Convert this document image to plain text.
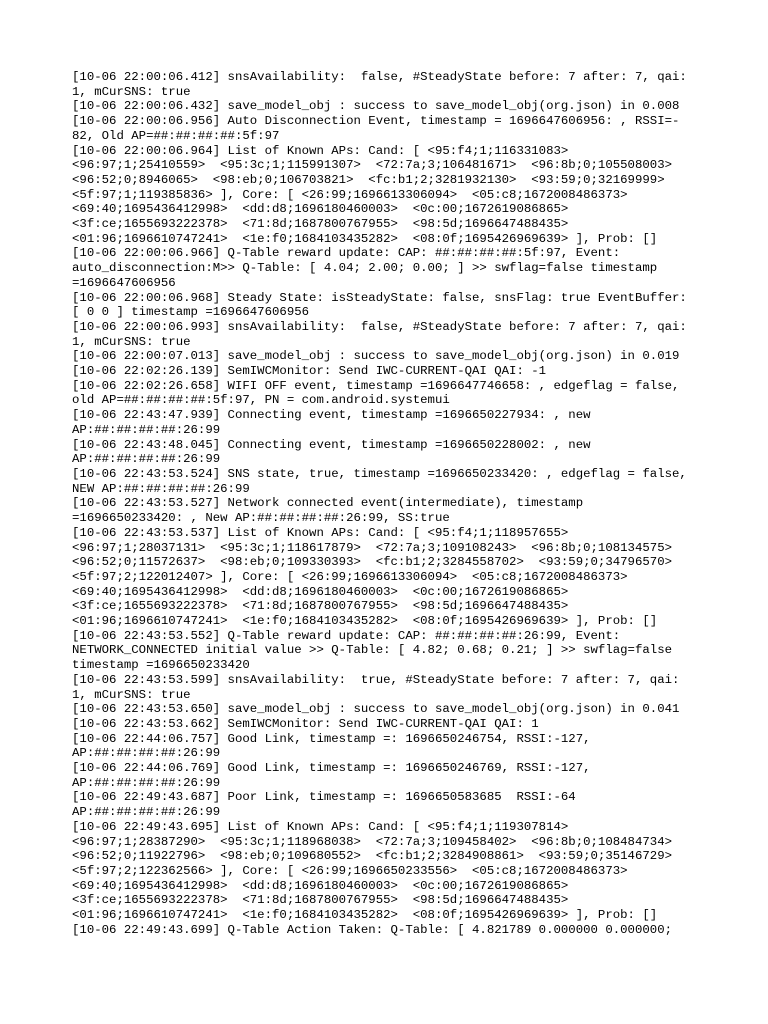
[10-06 22:00:06.412] snsAvailability:  false, #SteadyState before: 7 after: 7, qai:
1, mCurSNS: true
[10-06 22:00:06.432] save_model_obj : success to save_model_obj(org.json) in 0.008
[10-06 22:00:06.956] Auto Disconnection Event, timestamp = 1696647606956: , RSSI=-
82, Old AP=##:##:##:##:5f:97
[10-06 22:00:06.964] List of Known APs: Cand: [ <95:f4;1;116331083>
<96:97;1;25410559>  <95:3c;1;115991307>  <72:7a;3;106481671>  <96:8b;0;105508003>
<96:52;0;8946065>  <98:eb;0;106703821>  <fc:b1;2;3281932130>  <93:59;0;32169999>
<5f:97;1;119385836> ], Core: [ <26:99;1696613306094>  <05:c8;1672008486373>
<69:40;1695436412998>  <dd:d8;1696180460003>  <0c:00;1672619086865>
<3f:ce;1655693222378>  <71:8d;1687800767955>  <98:5d;1696647488435>
<01:96;1696610747241>  <1e:f0;1684103435282>  <08:0f;1695426969639> ], Prob: []
[10-06 22:00:06.966] Q-Table reward update: CAP: ##:##:##:##:5f:97, Event:
auto_disconnection:M>> Q-Table: [ 4.04; 2.00; 0.00; ] >> swflag=false timestamp
=1696647606956
[10-06 22:00:06.968] Steady State: isSteadyState: false, snsFlag: true EventBuffer:
[ 0 0 ] timestamp =1696647606956
[10-06 22:00:06.993] snsAvailability:  false, #SteadyState before: 7 after: 7, qai:
1, mCurSNS: true
[10-06 22:00:07.013] save_model_obj : success to save_model_obj(org.json) in 0.019
[10-06 22:02:26.139] SemIWCMonitor: Send IWC-CURRENT-QAI QAI: -1
[10-06 22:02:26.658] WIFI OFF event, timestamp =1696647746658: , edgeflag = false,
old AP=##:##:##:##:5f:97, PN = com.android.systemui
[10-06 22:43:47.939] Connecting event, timestamp =1696650227934: , new
AP:##:##:##:##:26:99
[10-06 22:43:48.045] Connecting event, timestamp =1696650228002: , new
AP:##:##:##:##:26:99
[10-06 22:43:53.524] SNS state, true, timestamp =1696650233420: , edgeflag = false,
NEW AP:##:##:##:##:26:99
[10-06 22:43:53.527] Network connected event(intermediate), timestamp
=1696650233420: , New AP:##:##:##:##:26:99, SS:true
[10-06 22:43:53.537] List of Known APs: Cand: [ <95:f4;1;118957655>
<96:97;1;28037131>  <95:3c;1;118617879>  <72:7a;3;109108243>  <96:8b;0;108134575>
<96:52;0;11572637>  <98:eb;0;109330393>  <fc:b1;2;3284558702>  <93:59;0;34796570>
<5f:97;2;122012407> ], Core: [ <26:99;1696613306094>  <05:c8;1672008486373>
<69:40;1695436412998>  <dd:d8;1696180460003>  <0c:00;1672619086865>
<3f:ce;1655693222378>  <71:8d;1687800767955>  <98:5d;1696647488435>
<01:96;1696610747241>  <1e:f0;1684103435282>  <08:0f;1695426969639> ], Prob: []
[10-06 22:43:53.552] Q-Table reward update: CAP: ##:##:##:##:26:99, Event:
NETWORK_CONNECTED initial value >> Q-Table: [ 4.82; 0.68; 0.21; ] >> swflag=false
timestamp =1696650233420
[10-06 22:43:53.599] snsAvailability:  true, #SteadyState before: 7 after: 7, qai:
1, mCurSNS: true
[10-06 22:43:53.650] save_model_obj : success to save_model_obj(org.json) in 0.041
[10-06 22:43:53.662] SemIWCMonitor: Send IWC-CURRENT-QAI QAI: 1
[10-06 22:44:06.757] Good Link, timestamp =: 1696650246754, RSSI:-127,
AP:##:##:##:##:26:99
[10-06 22:44:06.769] Good Link, timestamp =: 1696650246769, RSSI:-127,
AP:##:##:##:##:26:99
[10-06 22:49:43.687] Poor Link, timestamp =: 1696650583685  RSSI:-64
AP:##:##:##:##:26:99
[10-06 22:49:43.695] List of Known APs: Cand: [ <95:f4;1;119307814>
<96:97;1;28387290>  <95:3c;1;118968038>  <72:7a;3;109458402>  <96:8b;0;108484734>
<96:52;0;11922796>  <98:eb;0;109680552>  <fc:b1;2;3284908861>  <93:59;0;35146729>
<5f:97;2;122362566> ], Core: [ <26:99;1696650233556>  <05:c8;1672008486373>
<69:40;1695436412998>  <dd:d8;1696180460003>  <0c:00;1672619086865>
<3f:ce;1655693222378>  <71:8d;1687800767955>  <98:5d;1696647488435>
<01:96;1696610747241>  <1e:f0;1684103435282>  <08:0f;1695426969639> ], Prob: []
[10-06 22:49:43.699] Q-Table Action Taken: Q-Table: [ 4.821789 0.000000 0.000000;
